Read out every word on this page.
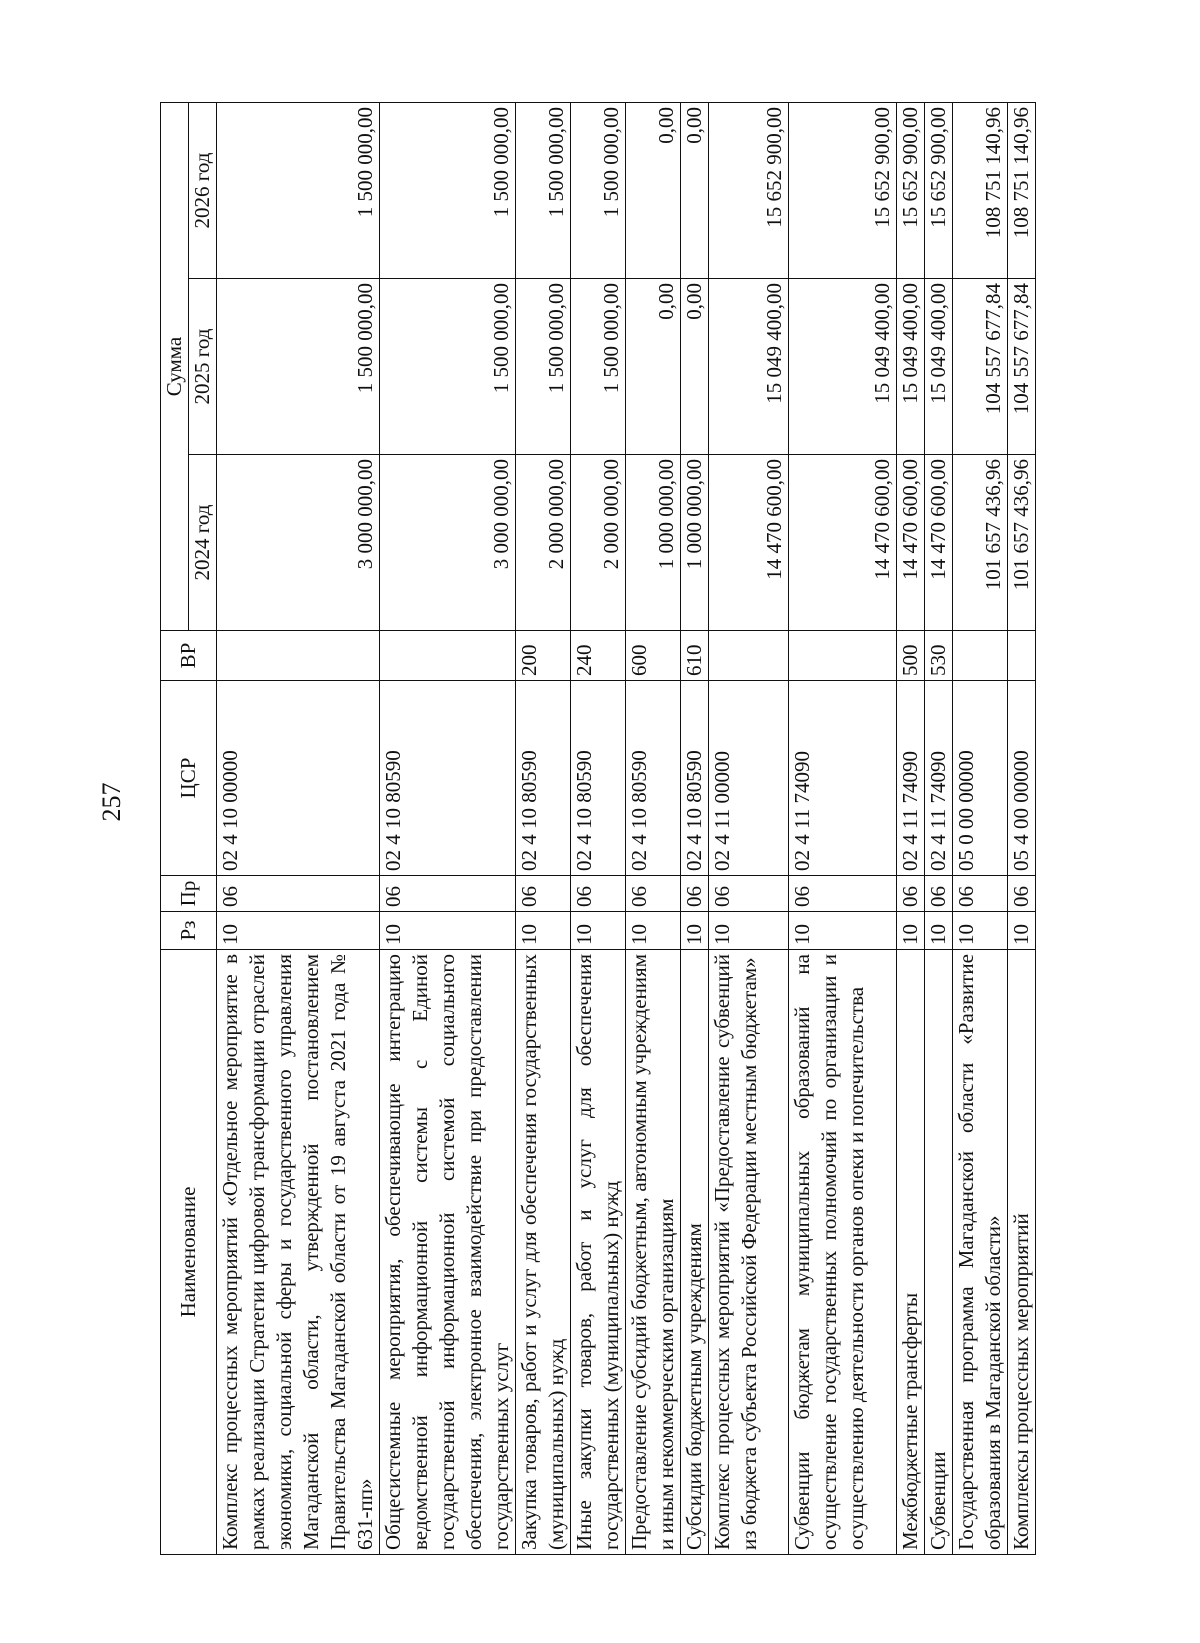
257
Наименование	Рз	Пр	ЦСР	ВР	Сумма		
					2024 год	2025 год	2026 год
Комплекс процессных мероприятий «Отдельное мероприятие в рамках реализации Стратегии цифровой трансформации отраслей экономики, социальной сферы и государственного управления Магаданской области, утвержденной постановлением Правительства Магаданской области от 19 августа 2021 года № 631-пп»	10	06	02 4 10 00000		3 000 000,00	1 500 000,00	1 500 000,00
Общесистемные мероприятия, обеспечивающие интеграцию ведомственной информационной системы с Единой государственной информационной системой социального обеспечения, электронное взаимодействие при предоставлении государственных услуг	10	06	02 4 10 80590		3 000 000,00	1 500 000,00	1 500 000,00
Закупка товаров, работ и услуг для обеспечения государственных (муниципальных) нужд	10	06	02 4 10 80590	200	2 000 000,00	1 500 000,00	1 500 000,00
Иные закупки товаров, работ и услуг для обеспечения государственных (муниципальных) нужд	10	06	02 4 10 80590	240	2 000 000,00	1 500 000,00	1 500 000,00
Предоставление субсидий бюджетным, автономным учреждениям и иным некоммерческим организациям	10	06	02 4 10 80590	600	1 000 000,00	0,00	0,00
Субсидии бюджетным учреждениям	10	06	02 4 10 80590	610	1 000 000,00	0,00	0,00
Комплекс процессных мероприятий «Предоставление субвенций из бюджета субъекта Российской Федерации местным бюджетам»	10	06	02 4 11 00000		14 470 600,00	15 049 400,00	15 652 900,00
Субвенции бюджетам муниципальных образований на осуществление государственных полномочий по организации и осуществлению деятельности органов опеки и попечительства	10	06	02 4 11 74090		14 470 600,00	15 049 400,00	15 652 900,00
Межбюджетные трансферты	10	06	02 4 11 74090	500	14 470 600,00	15 049 400,00	15 652 900,00
Субвенции	10	06	02 4 11 74090	530	14 470 600,00	15 049 400,00	15 652 900,00
Государственная программа Магаданской области «Развитие образования в Магаданской области»	10	06	05 0 00 00000		101 657 436,96	104 557 677,84	108 751 140,96
Комплексы процессных мероприятий	10	06	05 4 00 00000		101 657 436,96	104 557 677,84	108 751 140,96
